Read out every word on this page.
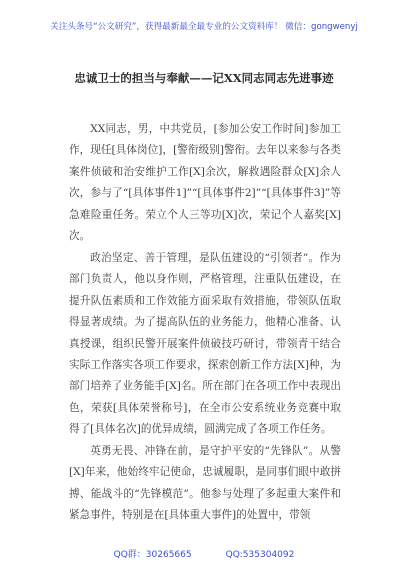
关注头条号“公文研究”，获得最新最全最专业的公文资料库！ 微信：gongwenyj
忠诚卫士的担当与奉献——记XX同志同志先进事迹

XX同志，男，中共党员，[参加公安工作时间]参加工作，现任[具体岗位]，[警衔级别]警衔。去年以来参与各类案件侦破和治安维护工作[X]余次，解救遇险群众[X]余人次，参与了“[具体事件1]”“[具体事件2]”“[具体事件3]”等急难险重任务。荣立个人三等功[X]次，荣记个人嘉奖[X]次。

政治坚定、善于管理，是队伍建设的“引领者”。作为部门负责人，他以身作则，严格管理，注重队伍建设，在提升队伍素质和工作效能方面采取有效措施，带领队伍取得显著成绩。为了提高队伍的业务能力，他精心准备、认真授课，组织民警开展案件侦破技巧研讨，带领青干结合实际工作落实各项工作要求，探索创新工作方法[X]种，为部门培养了业务能手[X]名。所在部门在各项工作中表现出色，荣获[具体荣誉称号]，在全市公安系统业务竞赛中取得了[具体名次]的优异成绩，圆满完成了各项工作任务。

英勇无畏、冲锋在前，是守护平安的“先锋队”。从警[X]年来，他始终牢记使命，忠诚履职，是同事们眼中敢拼搏、能战斗的“先锋模范”。他参与处理了多起重大案件和紧急事件，特别是在[具体重大事件]的处置中，带领

QQ群：30265665	QQ:535304092
